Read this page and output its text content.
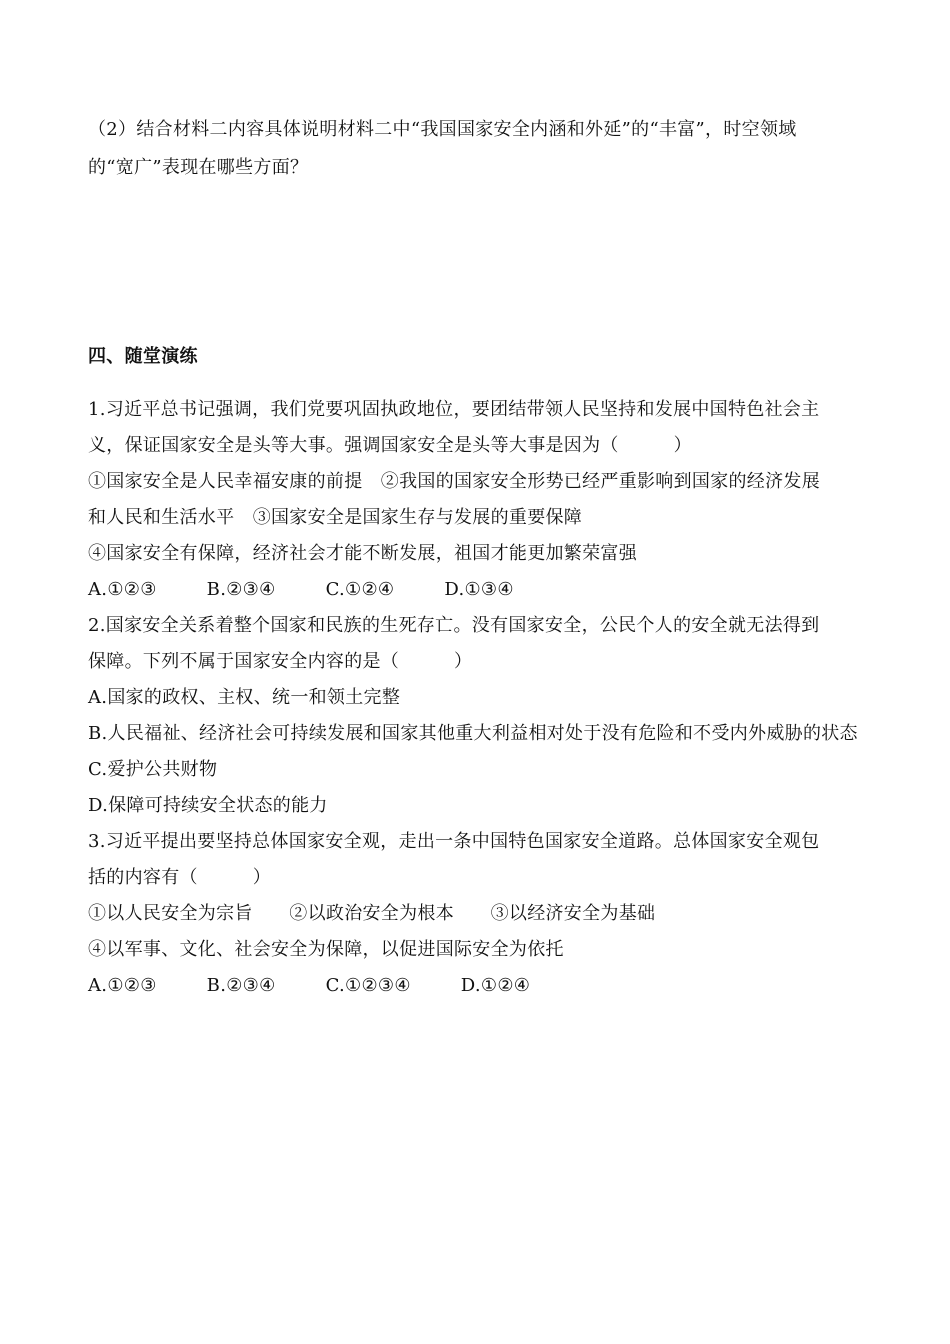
（2）结合材料二内容具体说明材料二中“我国国家安全内涵和外延”的“丰富”，时空领域
的“宽广”表现在哪些方面？
四、随堂演练
1.习近平总书记强调，我们党要巩固执政地位，要团结带领人民坚持和发展中国特色社会主
义，保证国家安全是头等大事。强调国家安全是头等大事是因为（　　　）
①国家安全是人民幸福安康的前提　②我国的国家安全形势已经严重影响到国家的经济发展
和人民和生活水平　③国家安全是国家生存与发展的重要保障
④国家安全有保障，经济社会才能不断发展，祖国才能更加繁荣富强
A.①②③	B.②③④	C.①②④	D.①③④
2.国家安全关系着整个国家和民族的生死存亡。没有国家安全，公民个人的安全就无法得到
保障。下列不属于国家安全内容的是（　　　）
A.国家的政权、主权、统一和领土完整
B.人民福祉、经济社会可持续发展和国家其他重大利益相对处于没有危险和不受内外威胁的状态
C.爱护公共财物
D.保障可持续安全状态的能力
3.习近平提出要坚持总体国家安全观，走出一条中国特色国家安全道路。总体国家安全观包
括的内容有（　　　）
①以人民安全为宗旨　　②以政治安全为根本　　③以经济安全为基础
④以军事、文化、社会安全为保障，以促进国际安全为依托
A.①②③	B.②③④	C.①②③④	D.①②④
